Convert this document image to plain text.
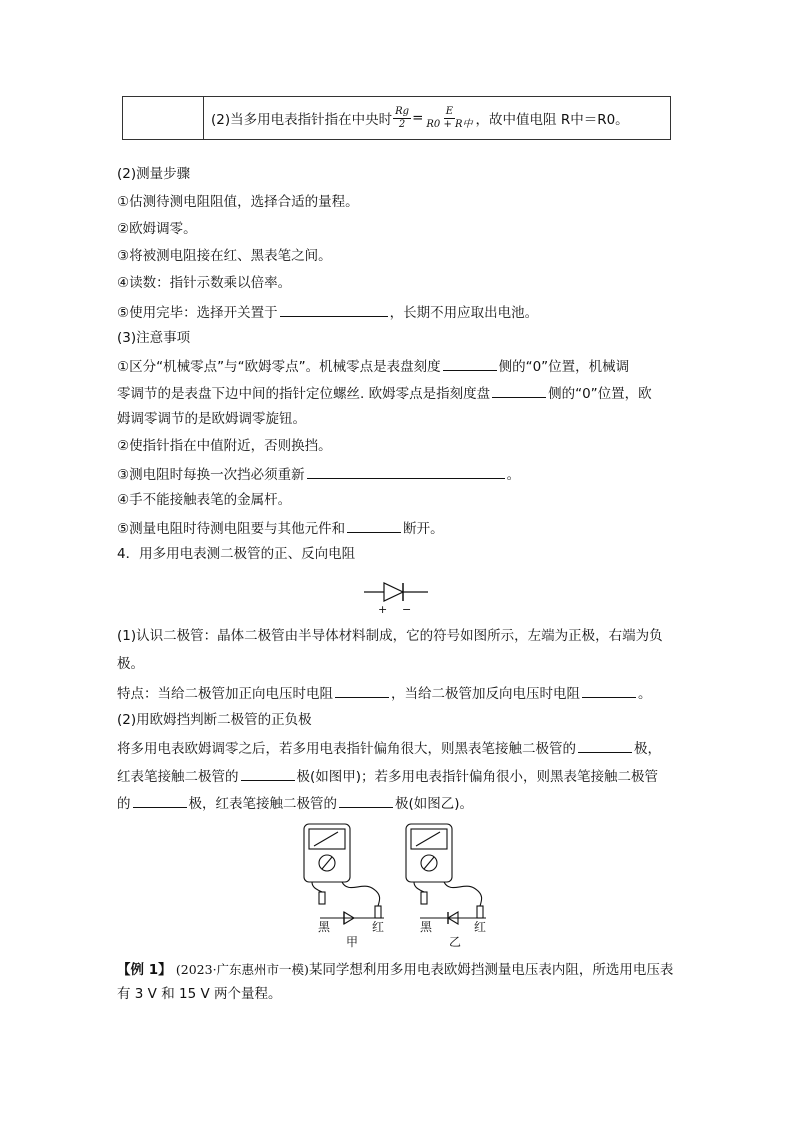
(2)当多用电表指针指在中央时 $\frac{Rg}{2} = \frac{E}{\text{R0 + R中}}$ ，故中值电阻 R中＝R0。
(2)测量步骤
①估测待测电阻阻值，选择合适的量程。
②欧姆调零。
③将被测电阻接在红、黑表笔之间。
④读数：指针示数乘以倍率。
⑤使用完毕：选择开关置于	，长期不用应取出电池。
(3)注意事项
①区分“机械零点”与“欧姆零点”。机械零点是表盘刻度	侧的“0”位置，机械调
零调节的是表盘下边中间的指针定位螺丝. 欧姆零点是指刻度盘	侧的“0”位置，欧
姆调零调节的是欧姆调零旋钮。
②使指针指在中值附近，否则换挡。
③测电阻时每换一次挡必须重新	。
④手不能接触表笔的金属杆。
⑤测量电阻时待测电阻要与其他元件和	断开。
4．用多用电表测二极管的正、反向电阻
+ −
(1)认识二极管：晶体二极管由半导体材料制成，它的符号如图所示，左端为正极，右端为负
极。
特点：当给二极管加正向电压时电阻	，当给二极管加反向电压时电阻	。
(2)用欧姆挡判断二极管的正负极
将多用电表欧姆调零之后，若多用电表指针偏角很大，则黑表笔接触二极管的	极，
红表笔接触二极管的	极(如图甲)；若多用电表指针偏角很小，则黑表笔接触二极管
的	极，红表笔接触二极管的	极(如图乙)。
黑	红
甲
黑	红
乙
【例 1】 (2023·广东惠州市一模)某同学想利用多用电表欧姆挡测量电压表内阻，所选用电压表
有 3 V 和 15 V 两个量程。
